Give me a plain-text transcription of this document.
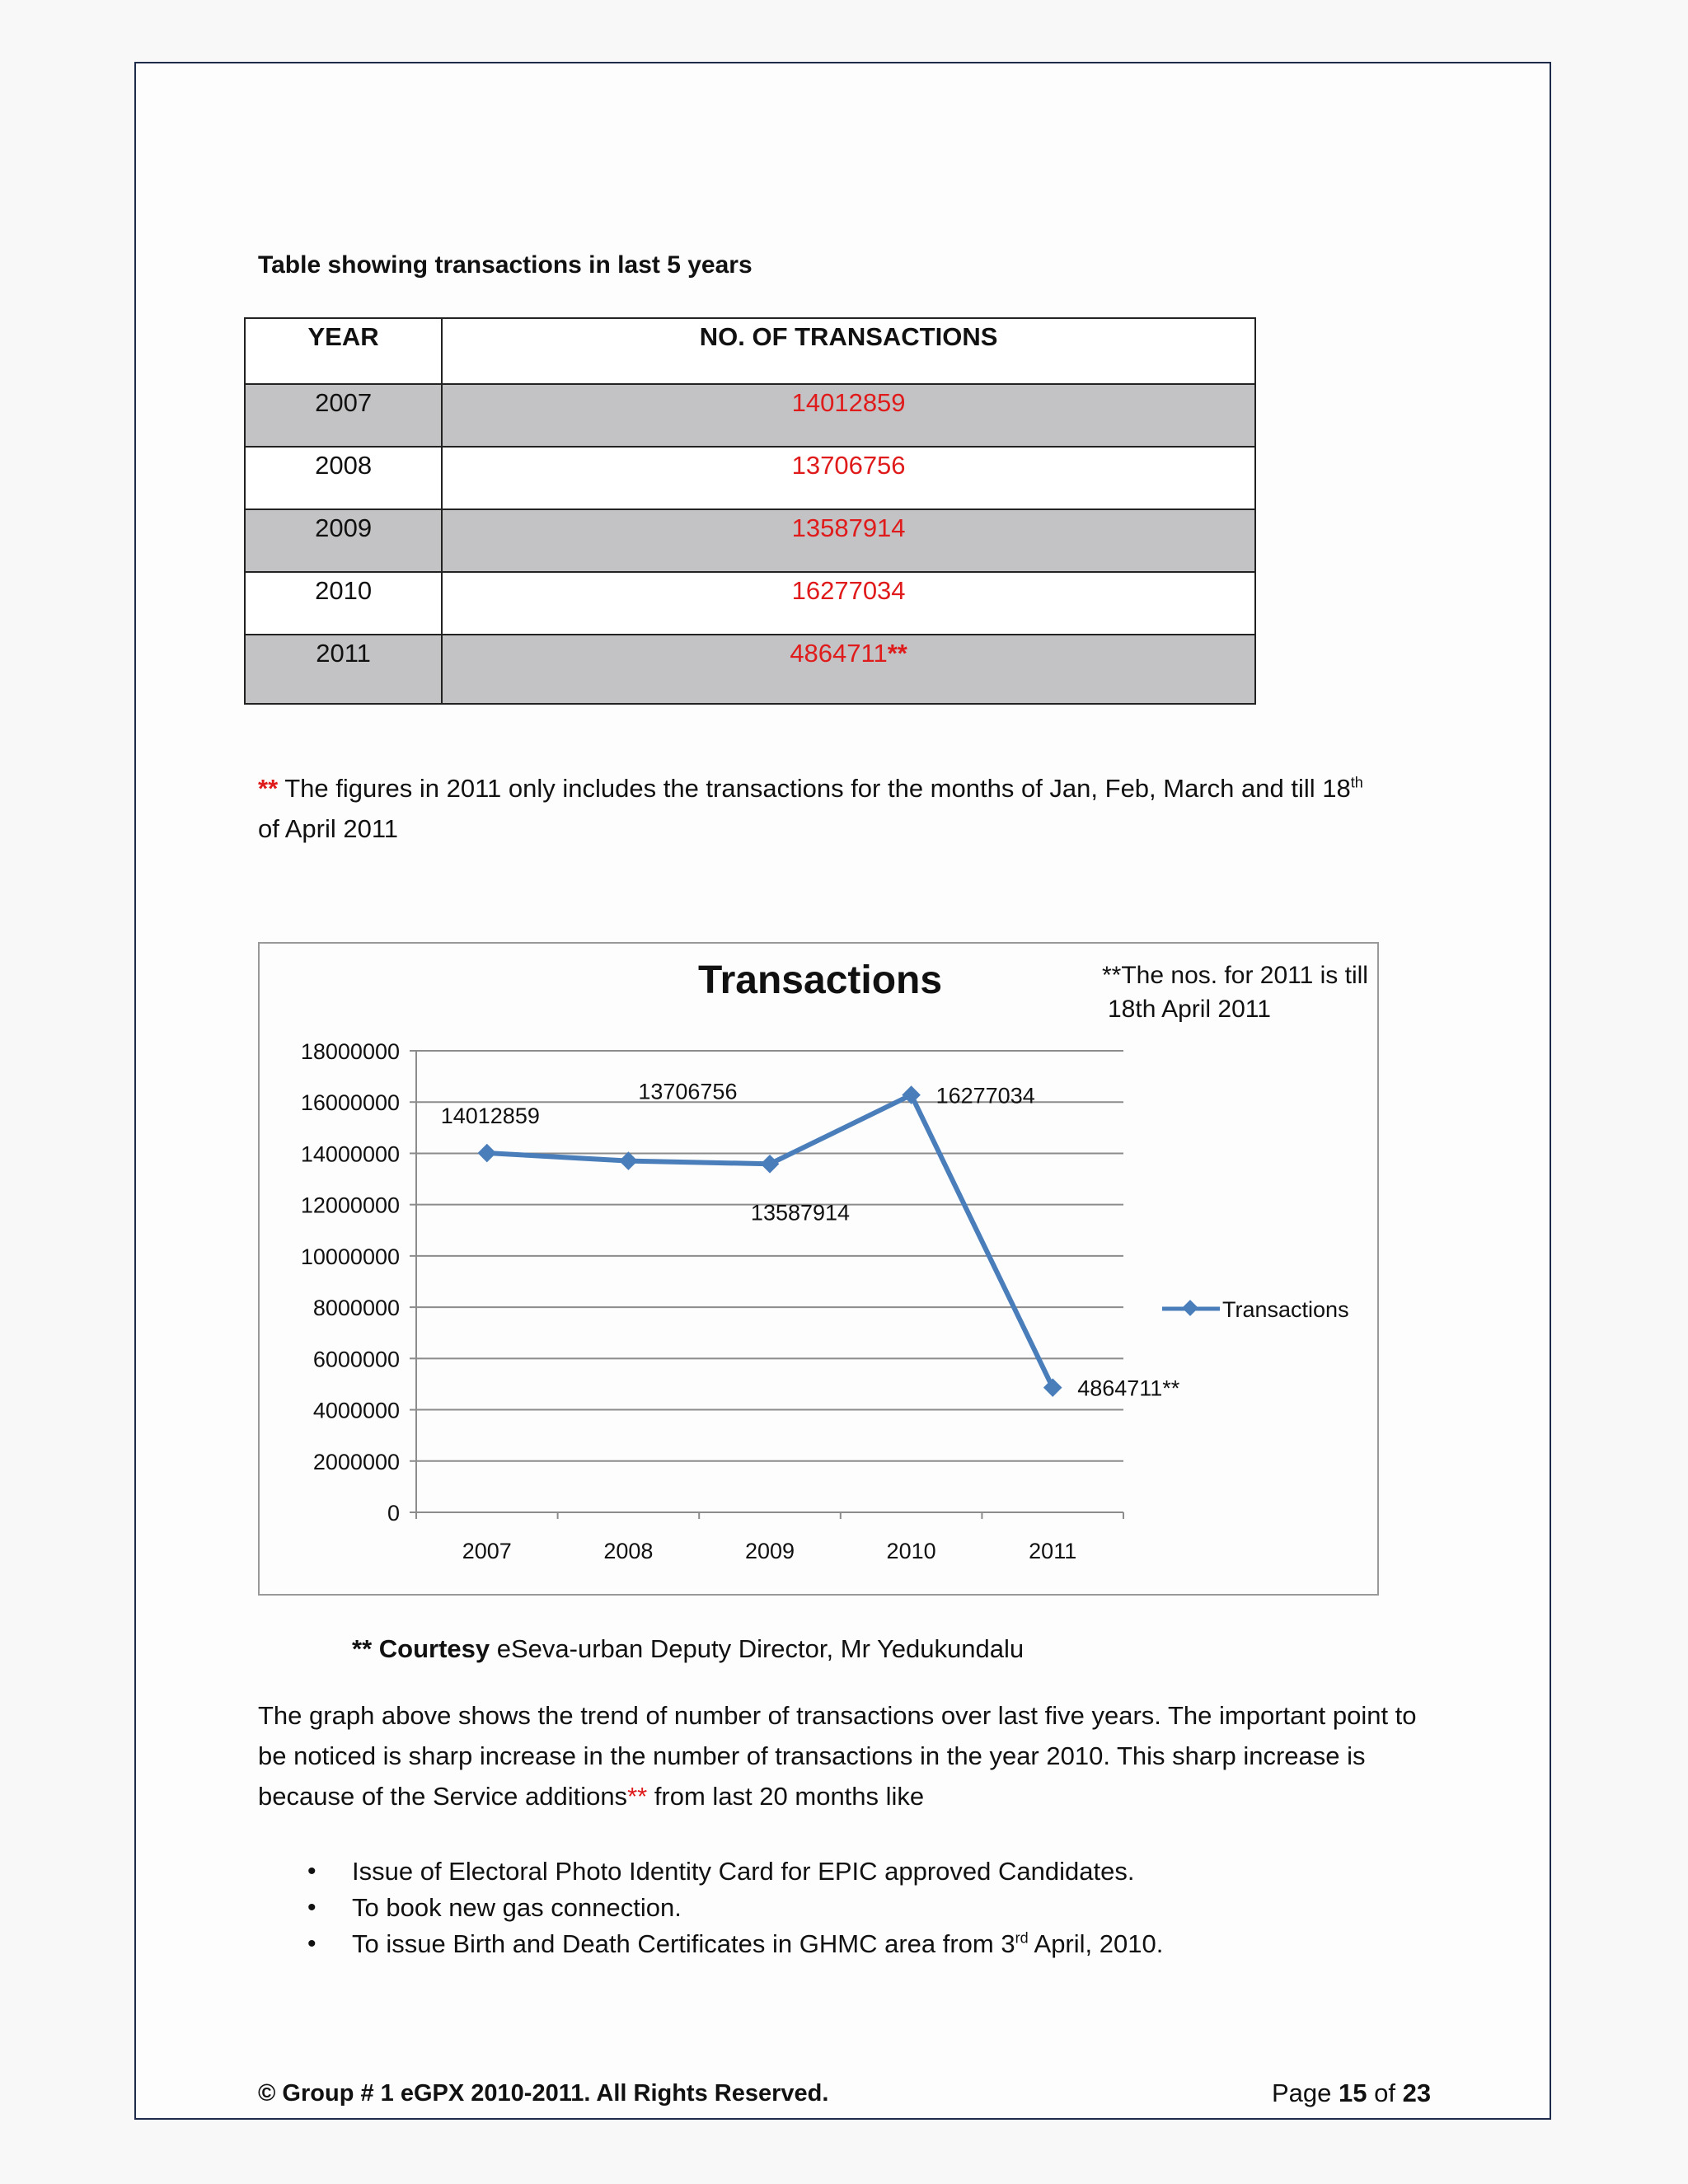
Table showing transactions in last 5 years
YEAR	NO. OF TRANSACTIONS
2007	14012859
2008	13706756
2009	13587914
2010	16277034
2011	4864711**
** The figures in 2011 only includes the transactions for the months of Jan, Feb, March and till 18th
of April 2011
0
2000000
4000000
6000000
8000000
10000000
12000000
14000000
16000000
18000000
2007	2008	2009	2010	2011
14012859
13706756
13587914
16277034
4864711**
Transactions	**The nos. for 2011 is till
18th April 2011
Transactions
** Courtesy eSeva-urban Deputy Director, Mr Yedukundalu
The graph above shows the trend of number of transactions over last five years. The important point to be noticed is sharp increase in the number of transactions in the year 2010. This sharp increase is because of the Service additions** from last 20 months like
• Issue of Electoral Photo Identity Card for EPIC approved Candidates.
• To book new gas connection.
• To issue Birth and Death Certificates in GHMC area from 3rd April, 2010.
© Group # 1 eGPX 2010-2011. All Rights Reserved.	Page 15 of 23
